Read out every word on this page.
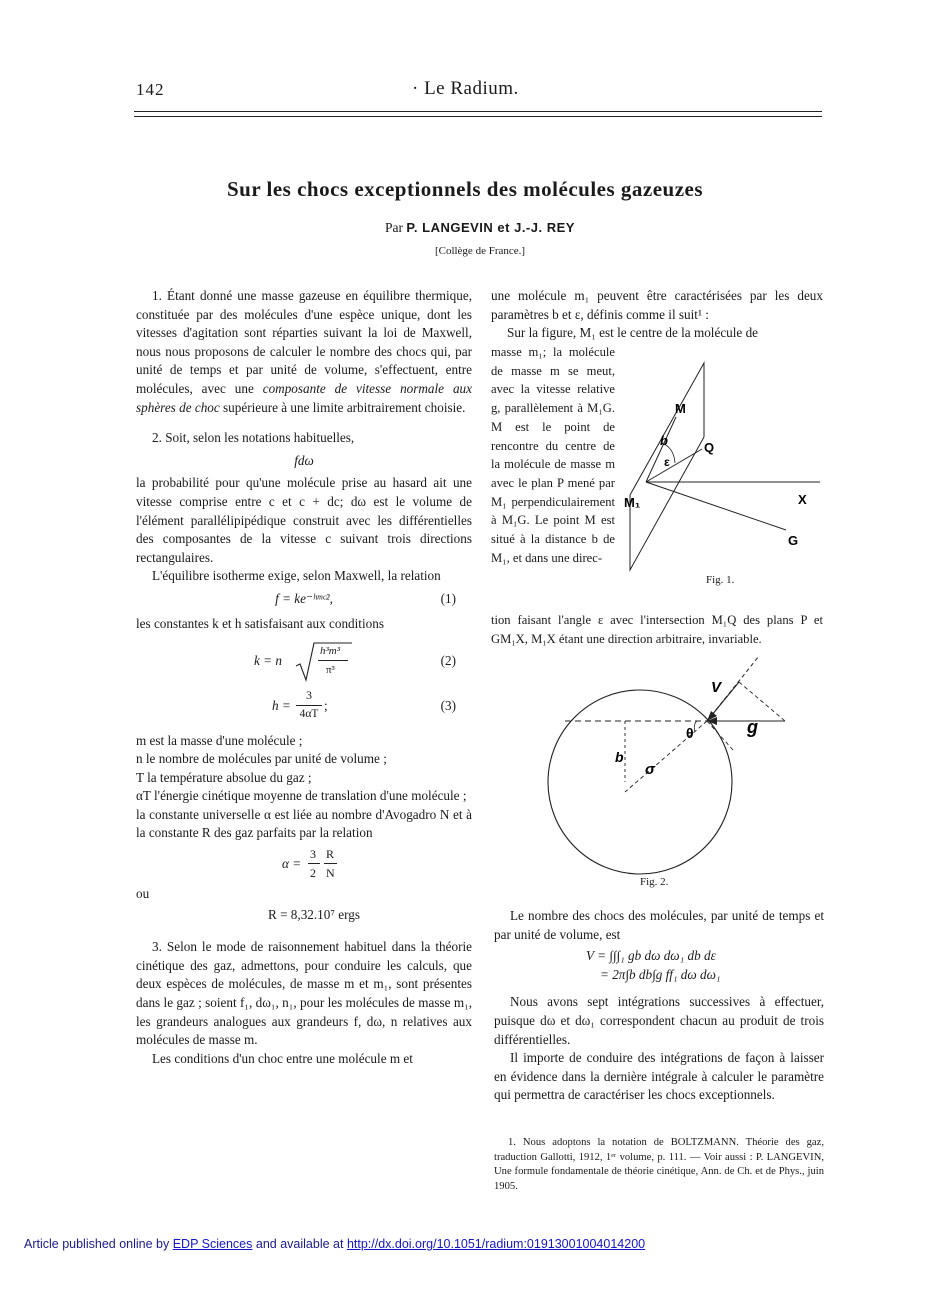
142	· Le Radium.
Sur les chocs exceptionnels des molécules gazeuzes
Par P. LANGEVIN et J.-J. REY
[Collège de France.]

1. Étant donné une masse gazeuse en équilibre thermique, constituée par des molécules d'une espèce unique, dont les vitesses d'agitation sont réparties suivant la loi de Maxwell, nous nous proposons de calculer le nombre des chocs qui, par unité de temps et par unité de volume, s'effectuent, entre molécules, avec une composante de vitesse normale aux sphères de choc supérieure à une limite arbitrairement choisie.

2. Soit, selon les notations habituelles,

fdω

la probabilité pour qu'une molécule prise au hasard ait une vitesse comprise entre c et c + dc; dω est le volume de l'élément parallélipipédique construit avec les différentielles des composantes de la vitesse c suivant trois directions rectangulaires.

L'équilibre isotherme exige, selon Maxwell, la relation

f = ke⁻ʰᵐᶜ²,	(1)

les constantes k et h satisfaisant aux conditions

k = n
h³m³
π³
(2)
h =
3
4αT
;	(3)
m est la masse d'une molécule ;
n le nombre de molécules par unité de volume ;
T la température absolue du gaz ;
αT l'énergie cinétique moyenne de translation d'une molécule ;

la constante universelle α est liée au nombre d'Avogadro N et à la constante R des gaz parfaits par la relation

α =
3
2
R
N
ou
R = 8,32.10⁷ ergs

3. Selon le mode de raisonnement habituel dans la théorie cinétique des gaz, admettons, pour conduire les calculs, que deux espèces de molécules, de masse m et m₁, sont présentes dans le gaz ; soient f₁, dω₁, n₁, pour les molécules de masse m₁, les grandeurs analogues aux grandeurs f, dω, n relatives aux molécules de masse m.

Les conditions d'un choc entre une molécule m et

une molécule m₁ peuvent être caractérisées par les deux paramètres b et ε, définis comme il suit¹ :
Sur la figure, M₁ est le centre de la molécule de
masse m₁; la molécule de masse m se meut, avec la vitesse relative g, parallèlement à M₁G. M est le point de rencontre du centre de la molécule de masse m avec le plan P mené par M₁ perpendiculairement à M₁G. Le point M est situé à la distance b de M₁, et dans une direc-
M
b
ε
Q
M₁	X
G
Fig. 1.
tion faisant l'angle ε avec l'intersection M₁Q des plans P et GM₁X, M₁X étant une direction arbitraire, invariable.
V
g
θ
b
σ
Fig. 2.

Le nombre des chocs des molécules, par unité de temps et par unité de volume, est

V = ∫∫∫₁ gb dω dω₁ db dε
= 2π∫b db∫g ff₁ dω dω₁

Nous avons sept intégrations successives à effectuer, puisque dω et dω₁ correspondent chacun au produit de trois différentielles.

Il importe de conduire des intégrations de façon à laisser en évidence dans la dernière intégrale à calculer le paramètre qui permettra de caractériser les chocs exceptionnels.

1. Nous adoptons la notation de BOLTZMANN. Théorie des gaz, traduction Gallotti, 1912, 1ᵉʳ volume, p. 111. — Voir aussi : P. LANGEVIN, Une formule fondamentale de théorie cinétique, Ann. de Ch. et de Phys., juin 1905.

Article published online by EDP Sciences and available at http://dx.doi.org/10.1051/radium:01913001004014200
